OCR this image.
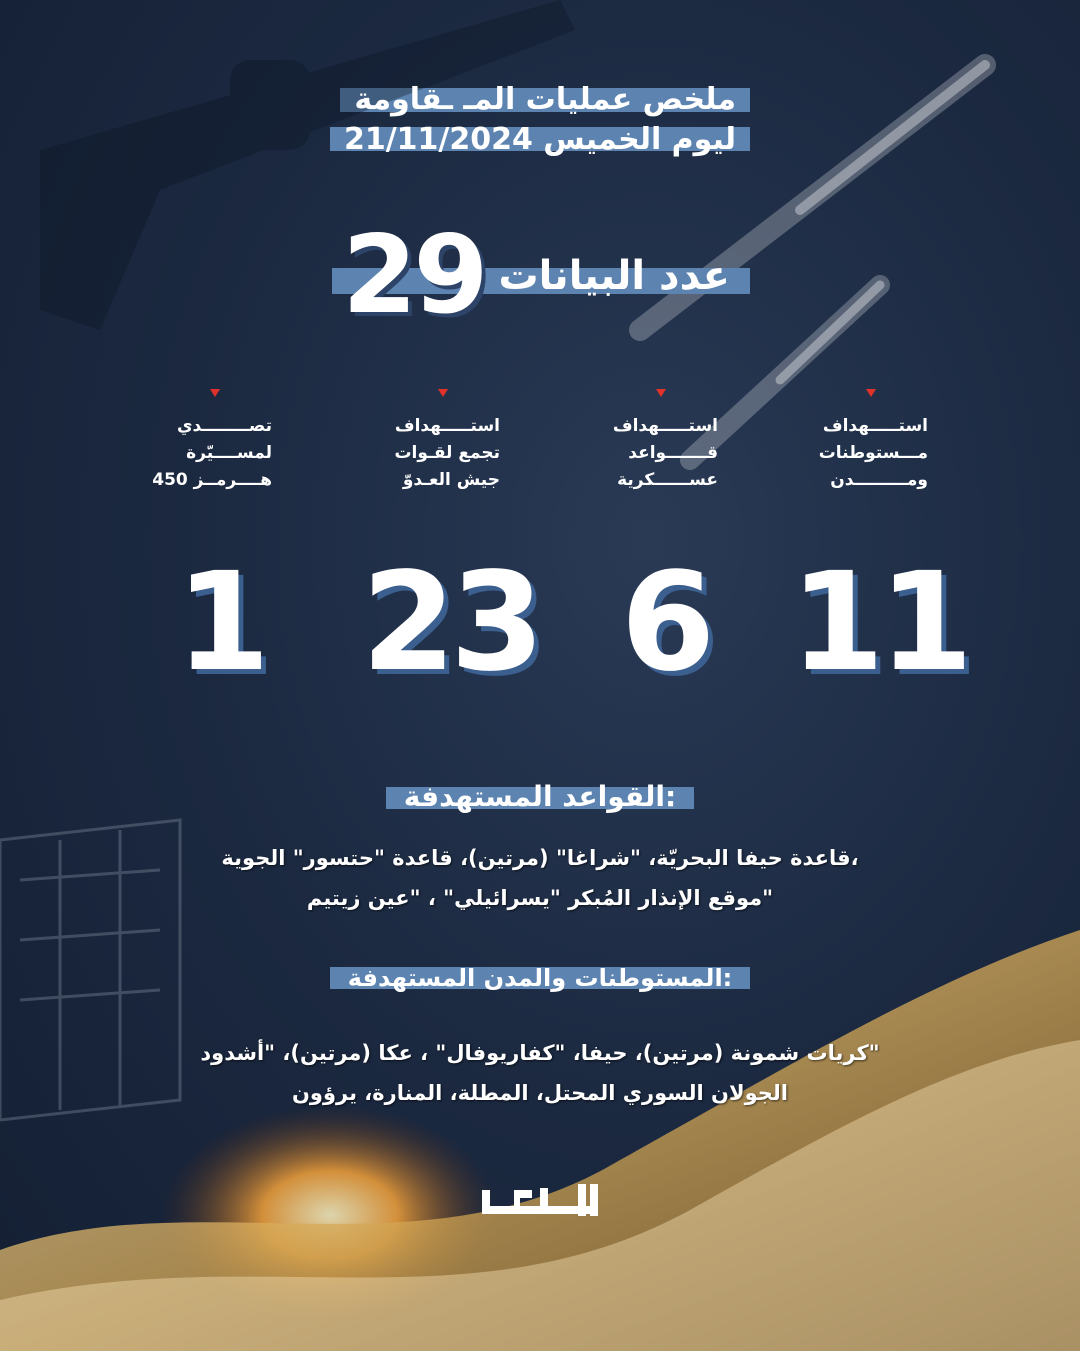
ملخص عمليات المـ ـقاومة
ليوم الخميس 21/11/2024
عدد البيانات
29
استـــــهداف
مـــستوطنات
ومـــــــــدن
استـــــهداف
قـــــــواعد
عســــــكرية
استـــــهداف
تجمع لقـوات
جيش العـدوّ
تصــــــــدي
لمســــيّرة
هــــرمــز 450
11
6
23
1
القواعد المستهدفة:
قاعدة حيفا البحريّة، "شراغا" (مرتين)، قاعدة "حتسور" الجوية،
موقع الإنذار المُبكر "يسرائيلي" ، "عين زيتيم"
المستوطنات والمدن المستهدفة:
كريات شمونة (مرتين)، حيفا، "كفاريوفال" ، عكا (مرتين)، "أشدود"
الجولان السوري المحتل، المطلة، المنارة، يرؤون
